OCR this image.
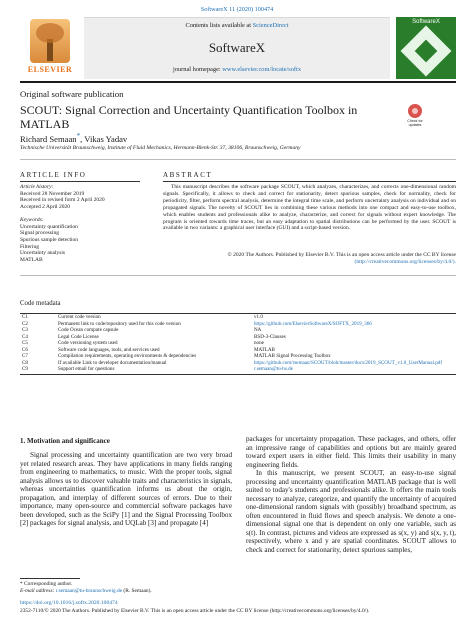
SoftwareX 11 (2020) 100474
ELSEVIER
Contents lists available at ScienceDirect
SoftwareX
journal homepage: www.elsevier.com/locate/softx
SoftwareX
Original software publication
SCOUT: Signal Correction and Uncertainty Quantification Toolbox in MATLAB	Check for updates
Richard Semaan*, Vikas Yadav
Technische Universität Braunschweig, Institute of Fluid Mechanics, Hermann-Blenk-Str. 37, 38106, Braunschweig, Germany
ARTICLE INFO	ABSTRACT
Article history:
Received 28 November 2019
Received in revised form 2 April 2020
Accepted 2 April 2020
Keywords:
Uncertainty quantification
Signal processing
Spurious sample detection
Filtering
Uncertainty analysis
MATLAB
This manuscript describes the software package SCOUT, which analyzes, characterizes, and corrects one-dimensional random signals. Specifically, it allows to check and correct for stationarity, detect spurious samples, check for normality, check for periodicity, filter, perform spectral analysis, determine the integral time scale, and perform uncertainty analysis on individual and on propagated signals. The novelty of SCOUT lies in combining these various methods into one compact and easy-to-use toolbox, which enables students and professionals alike to analyze, characterize, and correct for signals without expert knowledge. The program is oriented towards time traces, but an easy adaptation to spatial distributions can be performed by the user. SCOUT is available in two variants: a graphical user interface (GUI) and a script-based version.
© 2020 The Authors. Published by Elsevier B.V. This is an open access article under the CC BY license
(http://creativecommons.org/licenses/by/4.0/).
Code metadata
C1	Current code version	v1.0
C2	Permanent link to code/repository used for this code version	https://github.com/ElsevierSoftwareX/SOFTX_2019_366
C3	Code Ocean compute capsule	NA
C4	Legal Code License	BSD-3-Clauses
C5	Code versioning system used	none
C6	Software code languages, tools, and services used	MATLAB
C7	Compilation requirements, operating environments & dependencies	MATLAB Signal Processing Toolbox
C8	If available Link to developer documentation/manual	https://github.com/rsemaan/SCOUT/blob/master/docs/2019_SCOUT_v1.0_UserManual.pdf
C9	Support email for questions	r.semaan@tu-bs.de
1. Motivation and significance
Signal processing and uncertainty quantification are two very broad yet related research areas. They have applications in many fields ranging from engineering to mathematics, to music. With the proper tools, signal analysis allows us to discover valuable traits and characteristics in signals, whereas uncertainties quantification informs us about the origin, propagation, and interplay of different sources of errors. Due to their importance, many open-source and commercial software packages have been developed, such as the SciPy [1] and the Signal Processing Toolbox [2] packages for signal analysis, and UQLab [3] and propagate [4]

packages for uncertainty propagation. These packages, and others, offer an impressive range of capabilities and options but are mainly geared toward expert users in either field. This limits their usability in many engineering fields.

In this manuscript, we present SCOUT, an easy-to-use signal processing and uncertainty quantification MATLAB package that is well suited to today's students and professionals alike. It offers the main tools necessary to analyze, categorize, and quantify the uncertainty of acquired one-dimensional random signals with (possibly) broadband spectrum, as often encountered in fluid flows and speech analysis. We denote a one-dimensional signal one that is dependent on only one variable, such as s(t). In contrast, pictures and videos are expressed as s(x, y) and s(x, y, t), respectively, where x and y are spatial coordinates. SCOUT allows to check and correct for stationarity, detect spurious samples,

* Corresponding author.
E-mail address: r.semaan@tu-braunschweig.de (R. Semaan).
https://doi.org/10.1016/j.softx.2020.100474
2352-7110/© 2020 The Authors. Published by Elsevier B.V. This is an open access article under the CC BY license (http://creativecommons.org/licenses/by/4.0/).
